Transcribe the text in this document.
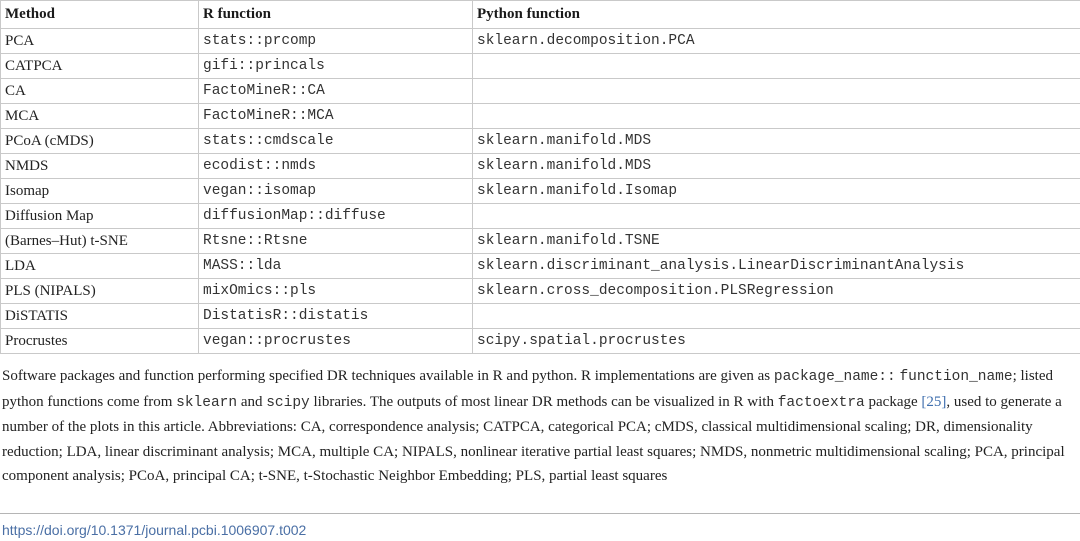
Method	R function	Python function
PCA	stats::prcomp	sklearn.decomposition.PCA
CATPCA	gifi::princals	
CA	FactoMineR::CA	
MCA	FactoMineR::MCA	
PCoA (cMDS)	stats::cmdscale	sklearn.manifold.MDS
NMDS	ecodist::nmds	sklearn.manifold.MDS
Isomap	vegan::isomap	sklearn.manifold.Isomap
Diffusion Map	diffusionMap::diffuse	
(Barnes–Hut) t-SNE	Rtsne::Rtsne	sklearn.manifold.TSNE
LDA	MASS::lda	sklearn.discriminant_analysis.LinearDiscriminantAnalysis
PLS (NIPALS)	mixOmics::pls	sklearn.cross_decomposition.PLSRegression
DiSTATIS	DistatisR::distatis	
Procrustes	vegan::procrustes	scipy.spatial.procrustes

Software packages and function performing specified DR techniques available in R and python. R implementations are given as package_name:: function_name; listed python functions come from sklearn and scipy libraries. The outputs of most linear DR methods can be visualized in R with factoextra package [25], used to generate a number of the plots in this article. Abbreviations: CA, correspondence analysis; CATPCA, categorical PCA; cMDS, classical multidimensional scaling; DR, dimensionality reduction; LDA, linear discriminant analysis; MCA, multiple CA; NIPALS, nonlinear iterative partial least squares; NMDS, nonmetric multidimensional scaling; PCA, principal component analysis; PCoA, principal CA; t-SNE, t-Stochastic Neighbor Embedding; PLS, partial least squares

https://doi.org/10.1371/journal.pcbi.1006907.t002
